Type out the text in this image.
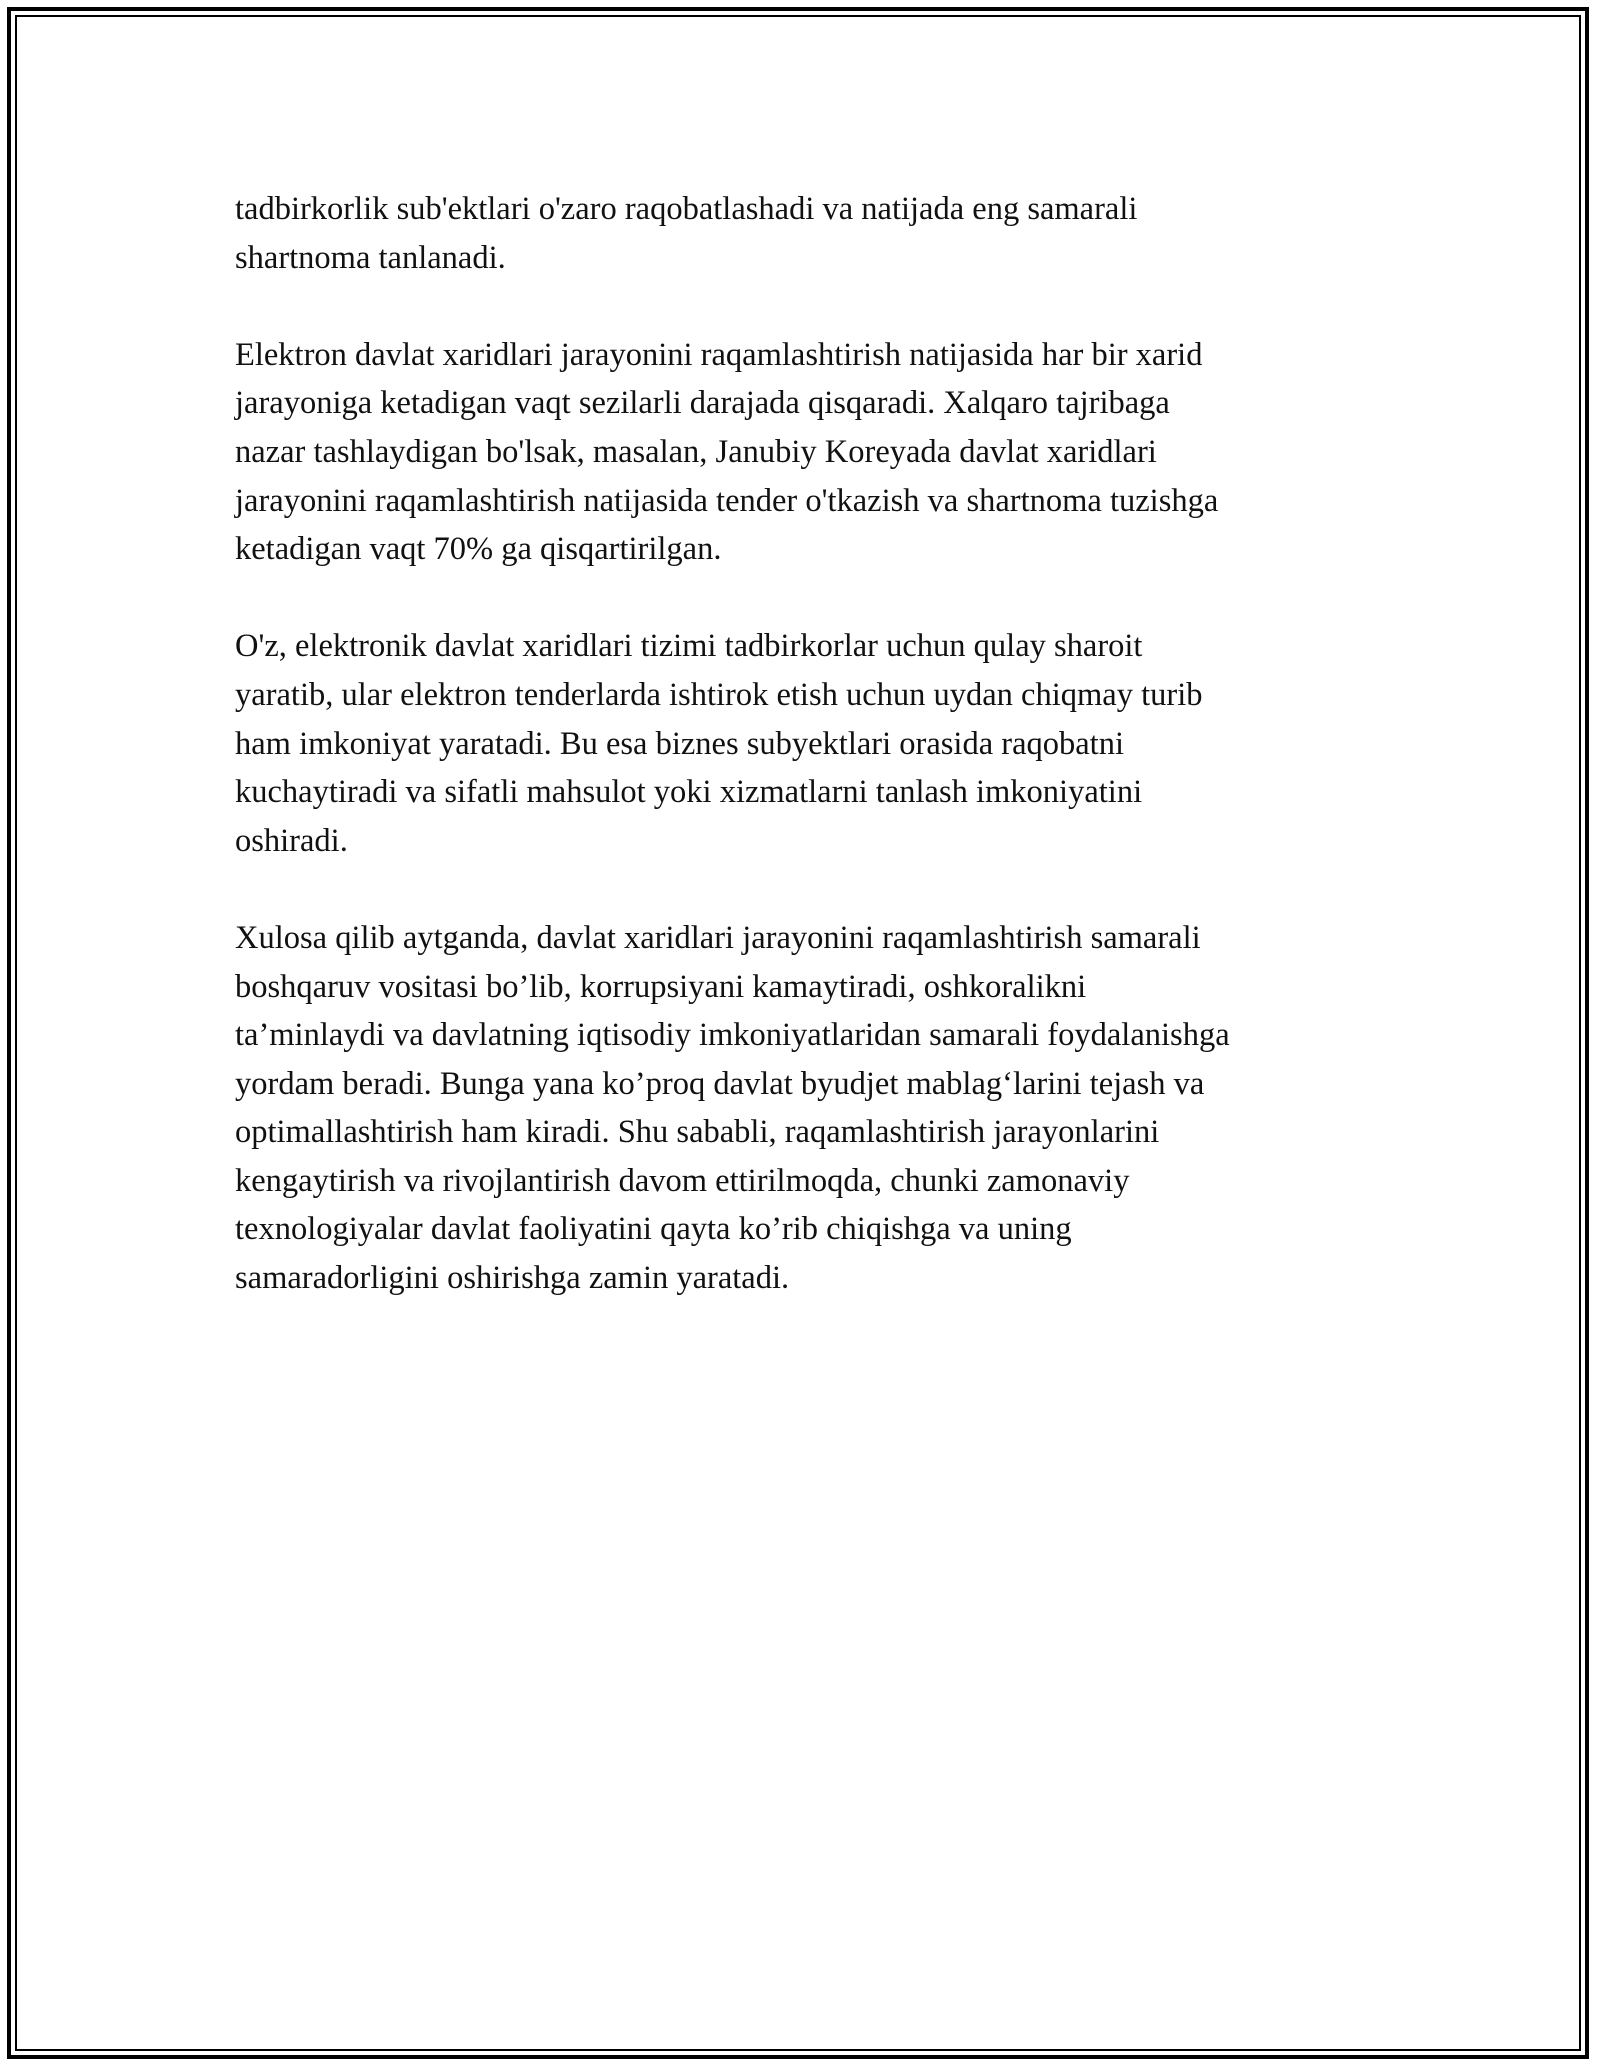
tadbirkorlik sub'ektlari o'zaro raqobatlashadi va natijada eng samarali
shartnoma tanlanadi.

Elektron davlat xaridlari jarayonini raqamlashtirish natijasida har bir xarid
jarayoniga ketadigan vaqt sezilarli darajada qisqaradi. Xalqaro tajribaga
nazar tashlaydigan bo'lsak, masalan, Janubiy Koreyada davlat xaridlari
jarayonini raqamlashtirish natijasida tender o'tkazish va shartnoma tuzishga
ketadigan vaqt 70% ga qisqartirilgan.

O'z, elektronik davlat xaridlari tizimi tadbirkorlar uchun qulay sharoit
yaratib, ular elektron tenderlarda ishtirok etish uchun uydan chiqmay turib
ham imkoniyat yaratadi. Bu esa biznes subyektlari orasida raqobatni
kuchaytiradi va sifatli mahsulot yoki xizmatlarni tanlash imkoniyatini
oshiradi.

Xulosa qilib aytganda, davlat xaridlari jarayonini raqamlashtirish samarali
boshqaruv vositasi bo’lib, korrupsiyani kamaytiradi, oshkoralikni
ta’minlaydi va davlatning iqtisodiy imkoniyatlaridan samarali foydalanishga
yordam beradi. Bunga yana ko’proq davlat byudjet mablag‘larini tejash va
optimallashtirish ham kiradi. Shu sababli, raqamlashtirish jarayonlarini
kengaytirish va rivojlantirish davom ettirilmoqda, chunki zamonaviy
texnologiyalar davlat faoliyatini qayta ko’rib chiqishga va uning
samaradorligini oshirishga zamin yaratadi.
